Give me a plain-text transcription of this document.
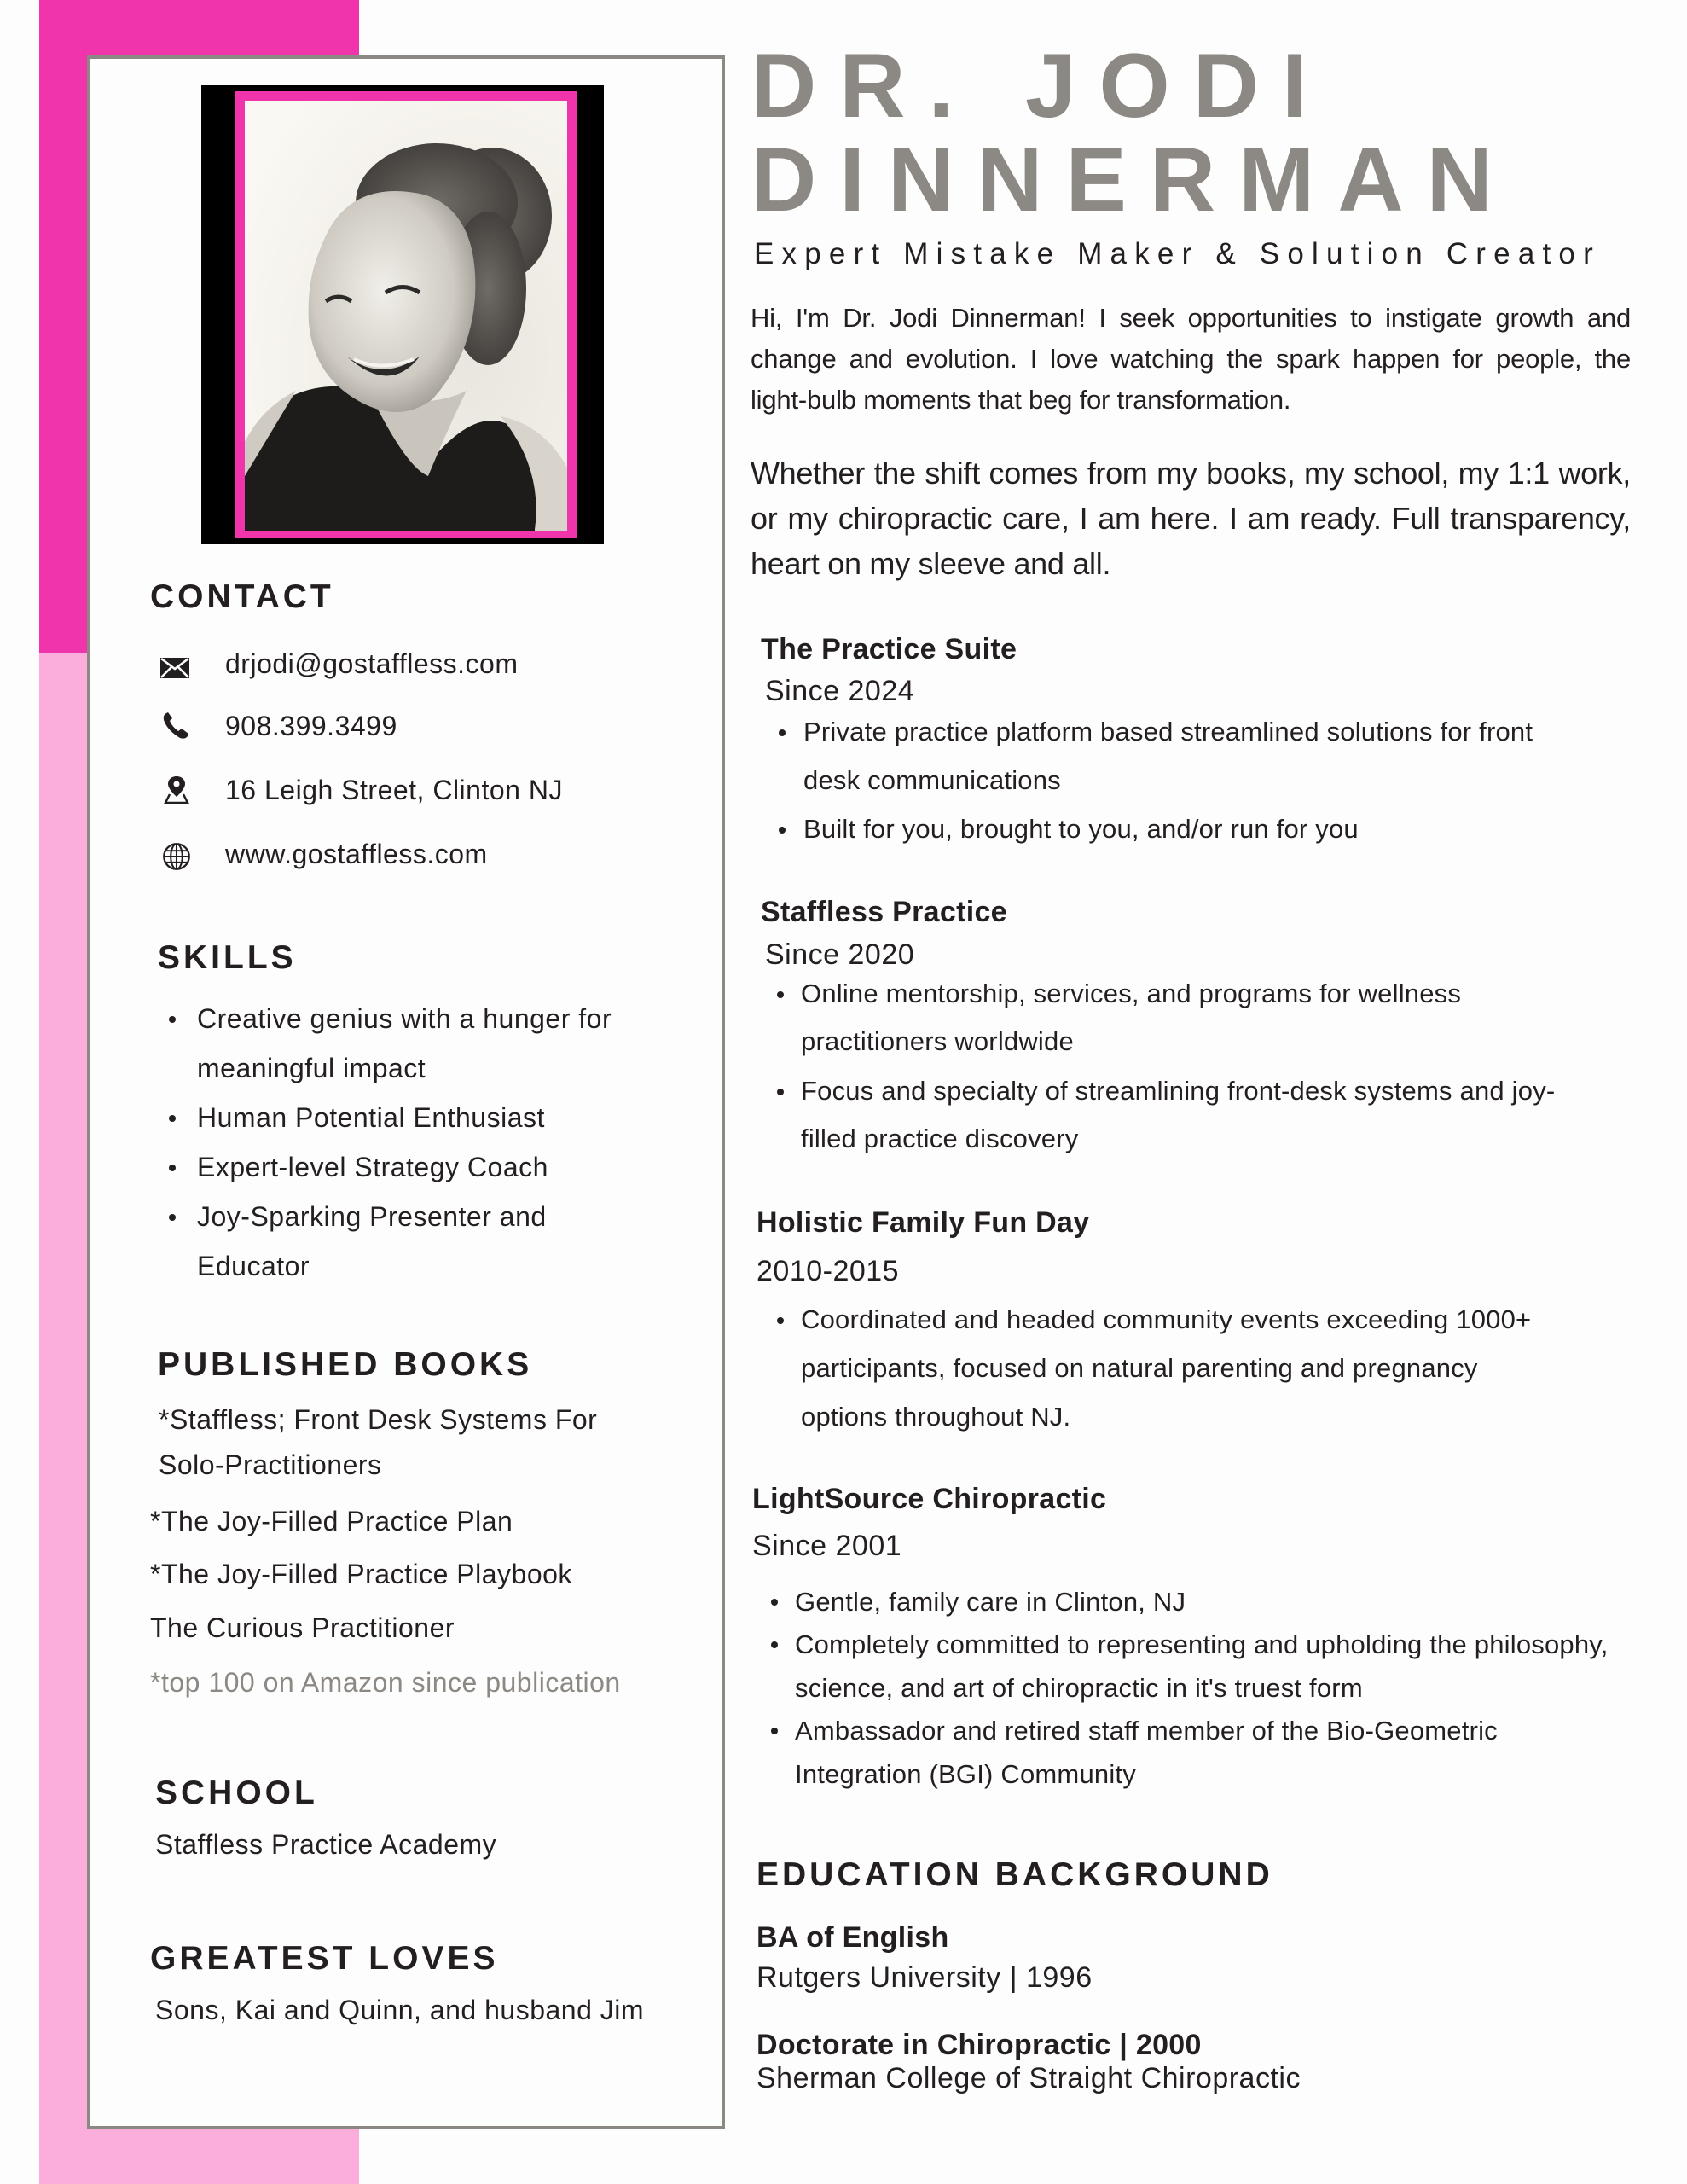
CONTACT
drjodi@gostaffless.com
908.399.3499
16 Leigh Street, Clinton NJ
www.gostaffless.com
SKILLS
Creative genius with a hunger for meaningful impact
Human Potential Enthusiast
Expert-level Strategy Coach
Joy-Sparking Presenter and Educator
PUBLISHED BOOKS
*Staffless; Front Desk Systems For Solo-Practitioners
*The Joy-Filled Practice Plan
*The Joy-Filled Practice Playbook
The Curious Practitioner
*top 100 on Amazon since publication
SCHOOL
Staffless Practice Academy
GREATEST LOVES
Sons, Kai and Quinn, and husband Jim
DR. JODI
DINNERMAN
Expert Mistake Maker & Solution Creator
Hi, I'm Dr. Jodi Dinnerman! I seek opportunities to instigate growth and change and evolution. I love watching the spark happen for people, the light-bulb moments that beg for transformation.
Whether the shift comes from my books, my school, my 1:1 work, or my chiropractic care, I am here. I am ready. Full transparency, heart on my sleeve and all.
The Practice Suite
Since 2024
Private practice platform based streamlined solutions for front desk communications
Built for you, brought to you, and/or run for you
Staffless Practice
Since 2020
Online mentorship, services, and programs for wellness practitioners worldwide
Focus and specialty of streamlining front-desk systems and joy-filled practice discovery
Holistic Family Fun Day
2010-2015
Coordinated and headed community events exceeding 1000+ participants, focused on natural parenting and pregnancy options throughout NJ.
LightSource Chiropractic
Since 2001
Gentle, family care in Clinton, NJ
Completely committed to representing and upholding the philosophy, science, and art of chiropractic in it's truest form
Ambassador and retired staff member of the Bio-Geometric Integration (BGI) Community
EDUCATION BACKGROUND
BA of English
Rutgers University | 1996
Doctorate in Chiropractic | 2000
Sherman College of Straight Chiropractic
